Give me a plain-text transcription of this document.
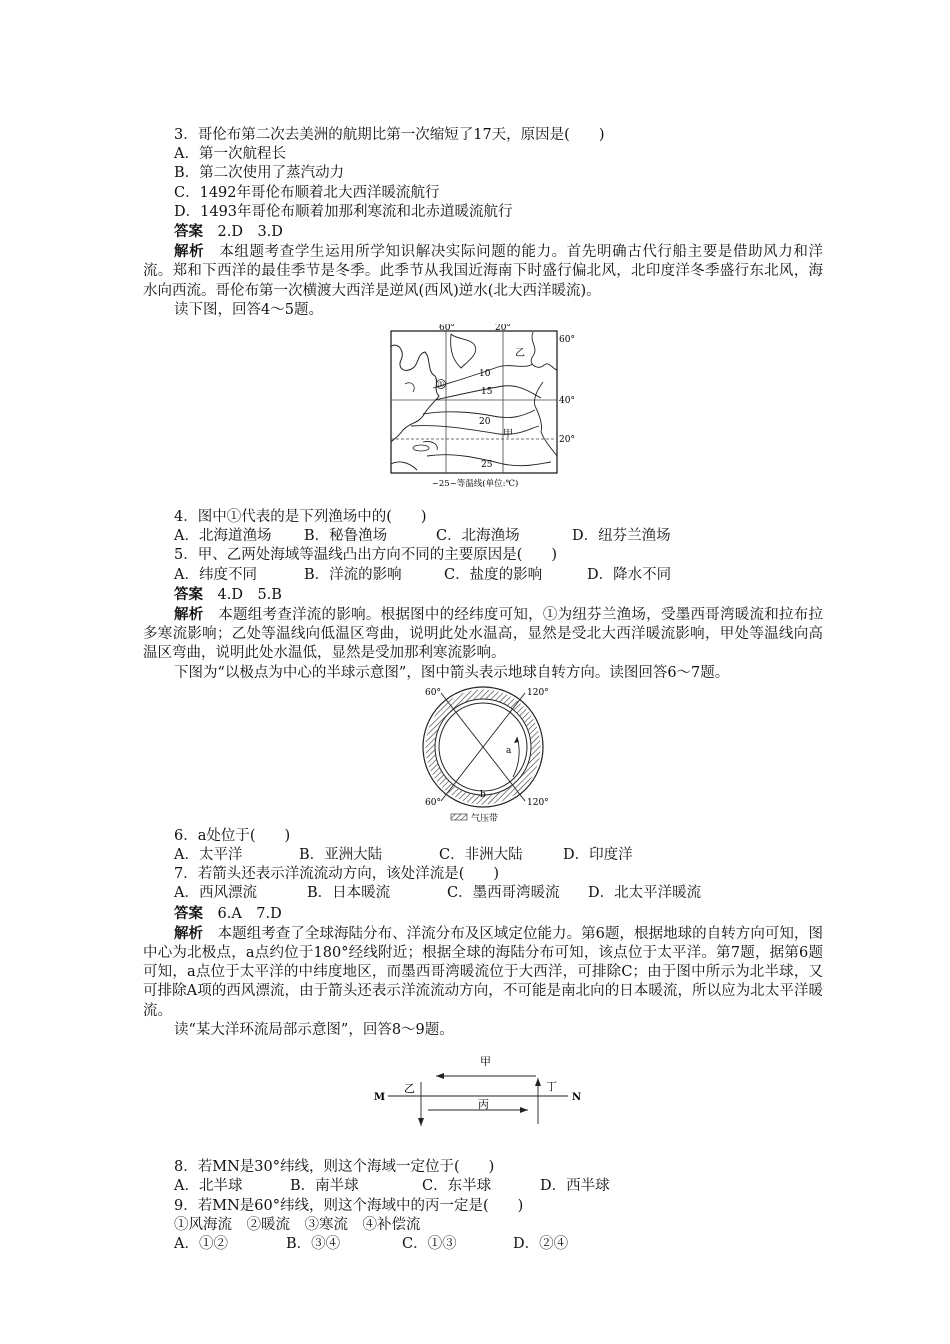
3．哥伦布第二次去美洲的航期比第一次缩短了17天，原因是(　　)
A．第一次航程长
B．第二次使用了蒸汽动力
C．1492年哥伦布顺着北大西洋暖流航行
D．1493年哥伦布顺着加那利寒流和北赤道暖流航行
答案　2.D　3.D
解析　本组题考查学生运用所学知识解决实际问题的能力。首先明确古代行船主要是借助风力和洋流。郑和下西洋的最佳季节是冬季。此季节从我国近海南下时盛行偏北风，北印度洋冬季盛行东北风，海水向西流。哥伦布第一次横渡大西洋是逆风(西风)逆水(北大西洋暖流)。
读下图，回答4～5题。
①
60°	20°
60°
40°
20°
10
15
20
25
乙
甲
~25~等温线(单位:℃)
4．图中①代表的是下列渔场中的(　　)
A．北海道渔场 B．秘鲁渔场	C．北海渔场	D．纽芬兰渔场
5．甲、乙两处海域等温线凸出方向不同的主要原因是(　　)
A．纬度不同	B．洋流的影响	C．盐度的影响	D．降水不同
答案　4.D　5.B
解析　本题组考查洋流的影响。根据图中的经纬度可知，①为纽芬兰渔场，受墨西哥湾暖流和拉布拉多寒流影响；乙处等温线向低温区弯曲，说明此处水温高，显然是受北大西洋暖流影响，甲处等温线向高温区弯曲，说明此处水温低，显然是受加那利寒流影响。
下图为“以极点为中心的半球示意图”，图中箭头表示地球自转方向。读图回答6～7题。
60°	120°
60°	120°
a
b
气压带
6．a处位于(　　)
A．太平洋	B．亚洲大陆	C．非洲大陆	D．印度洋
7．若箭头还表示洋流流动方向，该处洋流是(　　)
A．西风漂流	B．日本暖流	C．墨西哥湾暖流 D．北太平洋暖流
答案　6.A　7.D
解析　本题组考查了全球海陆分布、洋流分布及区域定位能力。第6题，根据地球的自转方向可知，图中心为北极点，a点约位于180°经线附近；根据全球的海陆分布可知，该点位于太平洋。第7题，据第6题可知，a点位于太平洋的中纬度地区，而墨西哥湾暖流位于大西洋，可排除C；由于图中所示为北半球，又可排除A项的西风漂流，由于箭头还表示洋流流动方向，不可能是南北向的日本暖流，所以应为北太平洋暖流。
读“某大洋环流局部示意图”，回答8～9题。
甲
乙
丙
丁
M	N
8．若MN是30°纬线，则这个海域一定位于(　　)
A．北半球	B．南半球	C．东半球	D．西半球
9．若MN是60°纬线，则这个海域中的丙一定是(　　)
①风海流　②暖流　③寒流　④补偿流
A．①②	B．③④	C．①③	D．②④
